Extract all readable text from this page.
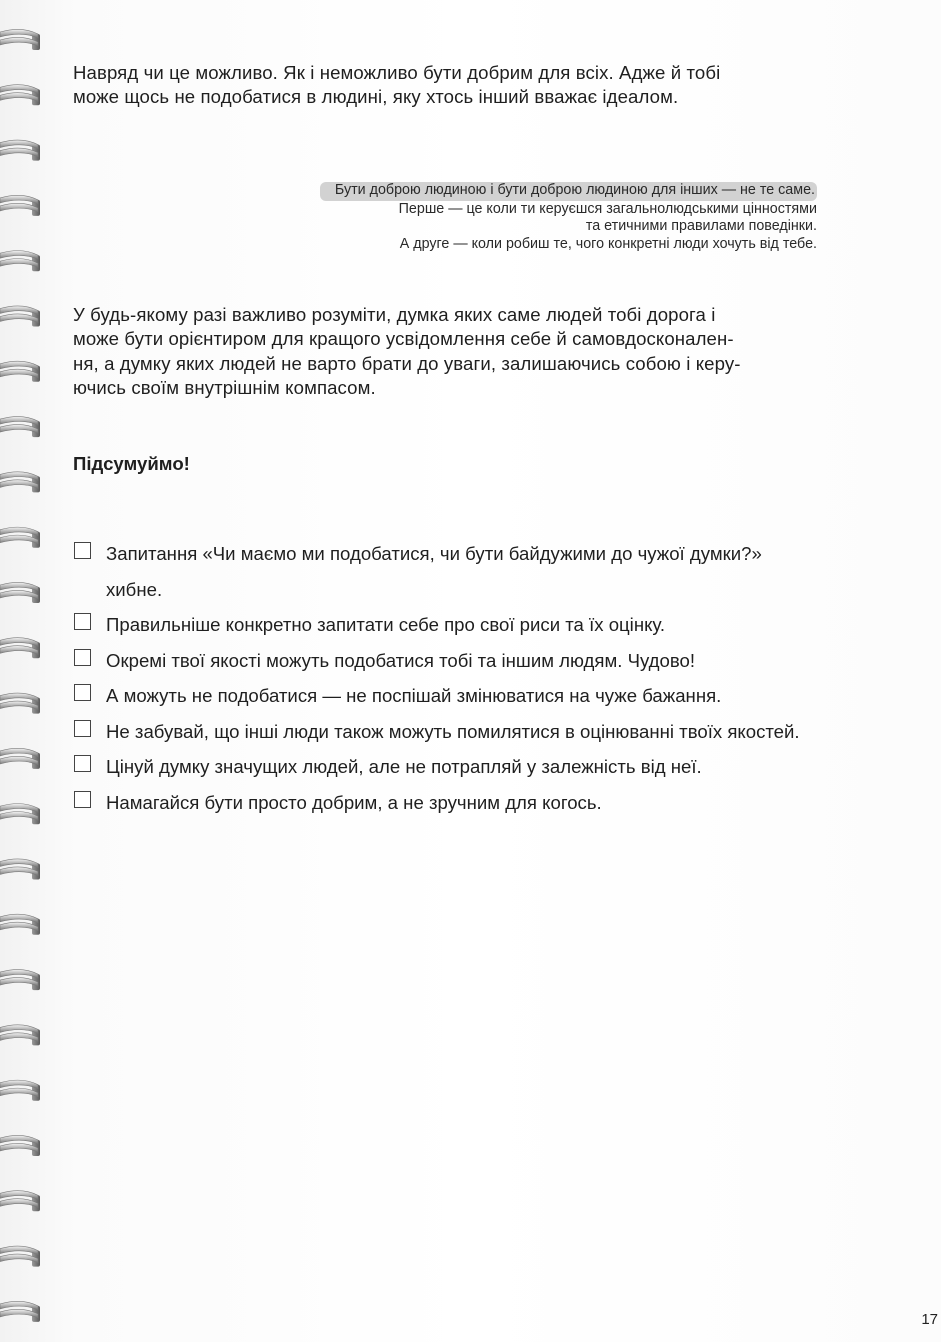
Навряд чи це можливо. Як і неможливо бути добрим для всіх. Адже й тобі
може щось не подобатися в людині, яку хтось інший вважає ідеалом.
Бути доброю людиною і бути доброю людиною для інших — не те саме.
Перше — це коли ти керуєшся загальнолюдськими цінностями
та етичними правилами поведінки.
А друге — коли робиш те, чого конкретні люди хочуть від тебе.
У будь-якому разі важливо розуміти, думка яких саме людей тобі дорога і
може бути орієнтиром для кращого усвідомлення себе й самовдосконален-
ня, а думку яких людей не варто брати до уваги, залишаючись собою і керу-
ючись своїм внутрішнім компасом.
Підсумуймо!
Запитання «Чи маємо ми подобатися, чи бути байдужими до чужої думки?»
хибне.
Правильніше конкретно запитати себе про свої риси та їх оцінку.
Окремі твої якості можуть подобатися тобі та іншим людям. Чудово!
А можуть не подобатися — не поспішай змінюватися на чуже бажання.
Не забувай, що інші люди також можуть помилятися в оцінюванні твоїх якостей.
Цінуй думку значущих людей, але не потрапляй у залежність від неї.
Намагайся бути просто добрим, а не зручним для когось.
17
